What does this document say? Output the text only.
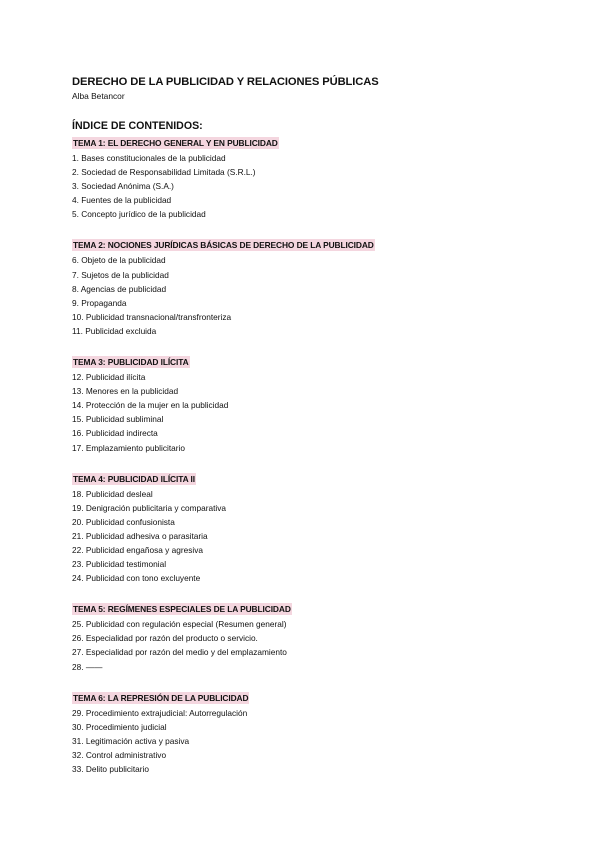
DERECHO DE LA PUBLICIDAD Y RELACIONES PÚBLICAS

Alba Betancor

ÍNDICE DE CONTENIDOS:
TEMA 1: EL DERECHO GENERAL Y EN PUBLICIDAD
1. Bases constitucionales de la publicidad
2. Sociedad de Responsabilidad Limitada (S.R.L.)
3. Sociedad Anónima (S.A.)
4. Fuentes de la publicidad
5. Concepto jurídico de la publicidad
TEMA 2: NOCIONES JURÍDICAS BÁSICAS DE DERECHO DE LA PUBLICIDAD
6. Objeto de la publicidad
7. Sujetos de la publicidad
8. Agencias de publicidad
9. Propaganda
10. Publicidad transnacional/transfronteriza
11. Publicidad excluida
TEMA 3: PUBLICIDAD ILÍCITA
12. Publicidad ilícita
13. Menores en la publicidad
14. Protección de la mujer en la publicidad
15. Publicidad subliminal
16. Publicidad indirecta
17. Emplazamiento publicitario
TEMA 4: PUBLICIDAD ILÍCITA II
18. Publicidad desleal
19. Denigración publicitaria y comparativa
20. Publicidad confusionista
21. Publicidad adhesiva o parasitaria
22. Publicidad engañosa y agresiva
23. Publicidad testimonial
24. Publicidad con tono excluyente
TEMA 5: REGÍMENES ESPECIALES DE LA PUBLICIDAD
25. Publicidad con regulación especial (Resumen general)
26. Especialidad por razón del producto o servicio.
27. Especialidad por razón del medio y del emplazamiento
28. ——
TEMA 6: LA REPRESIÓN DE LA PUBLICIDAD
29. Procedimiento extrajudicial: Autorregulación
30. Procedimiento judicial
31. Legitimación activa y pasiva
32. Control administrativo
33. Delito publicitario
